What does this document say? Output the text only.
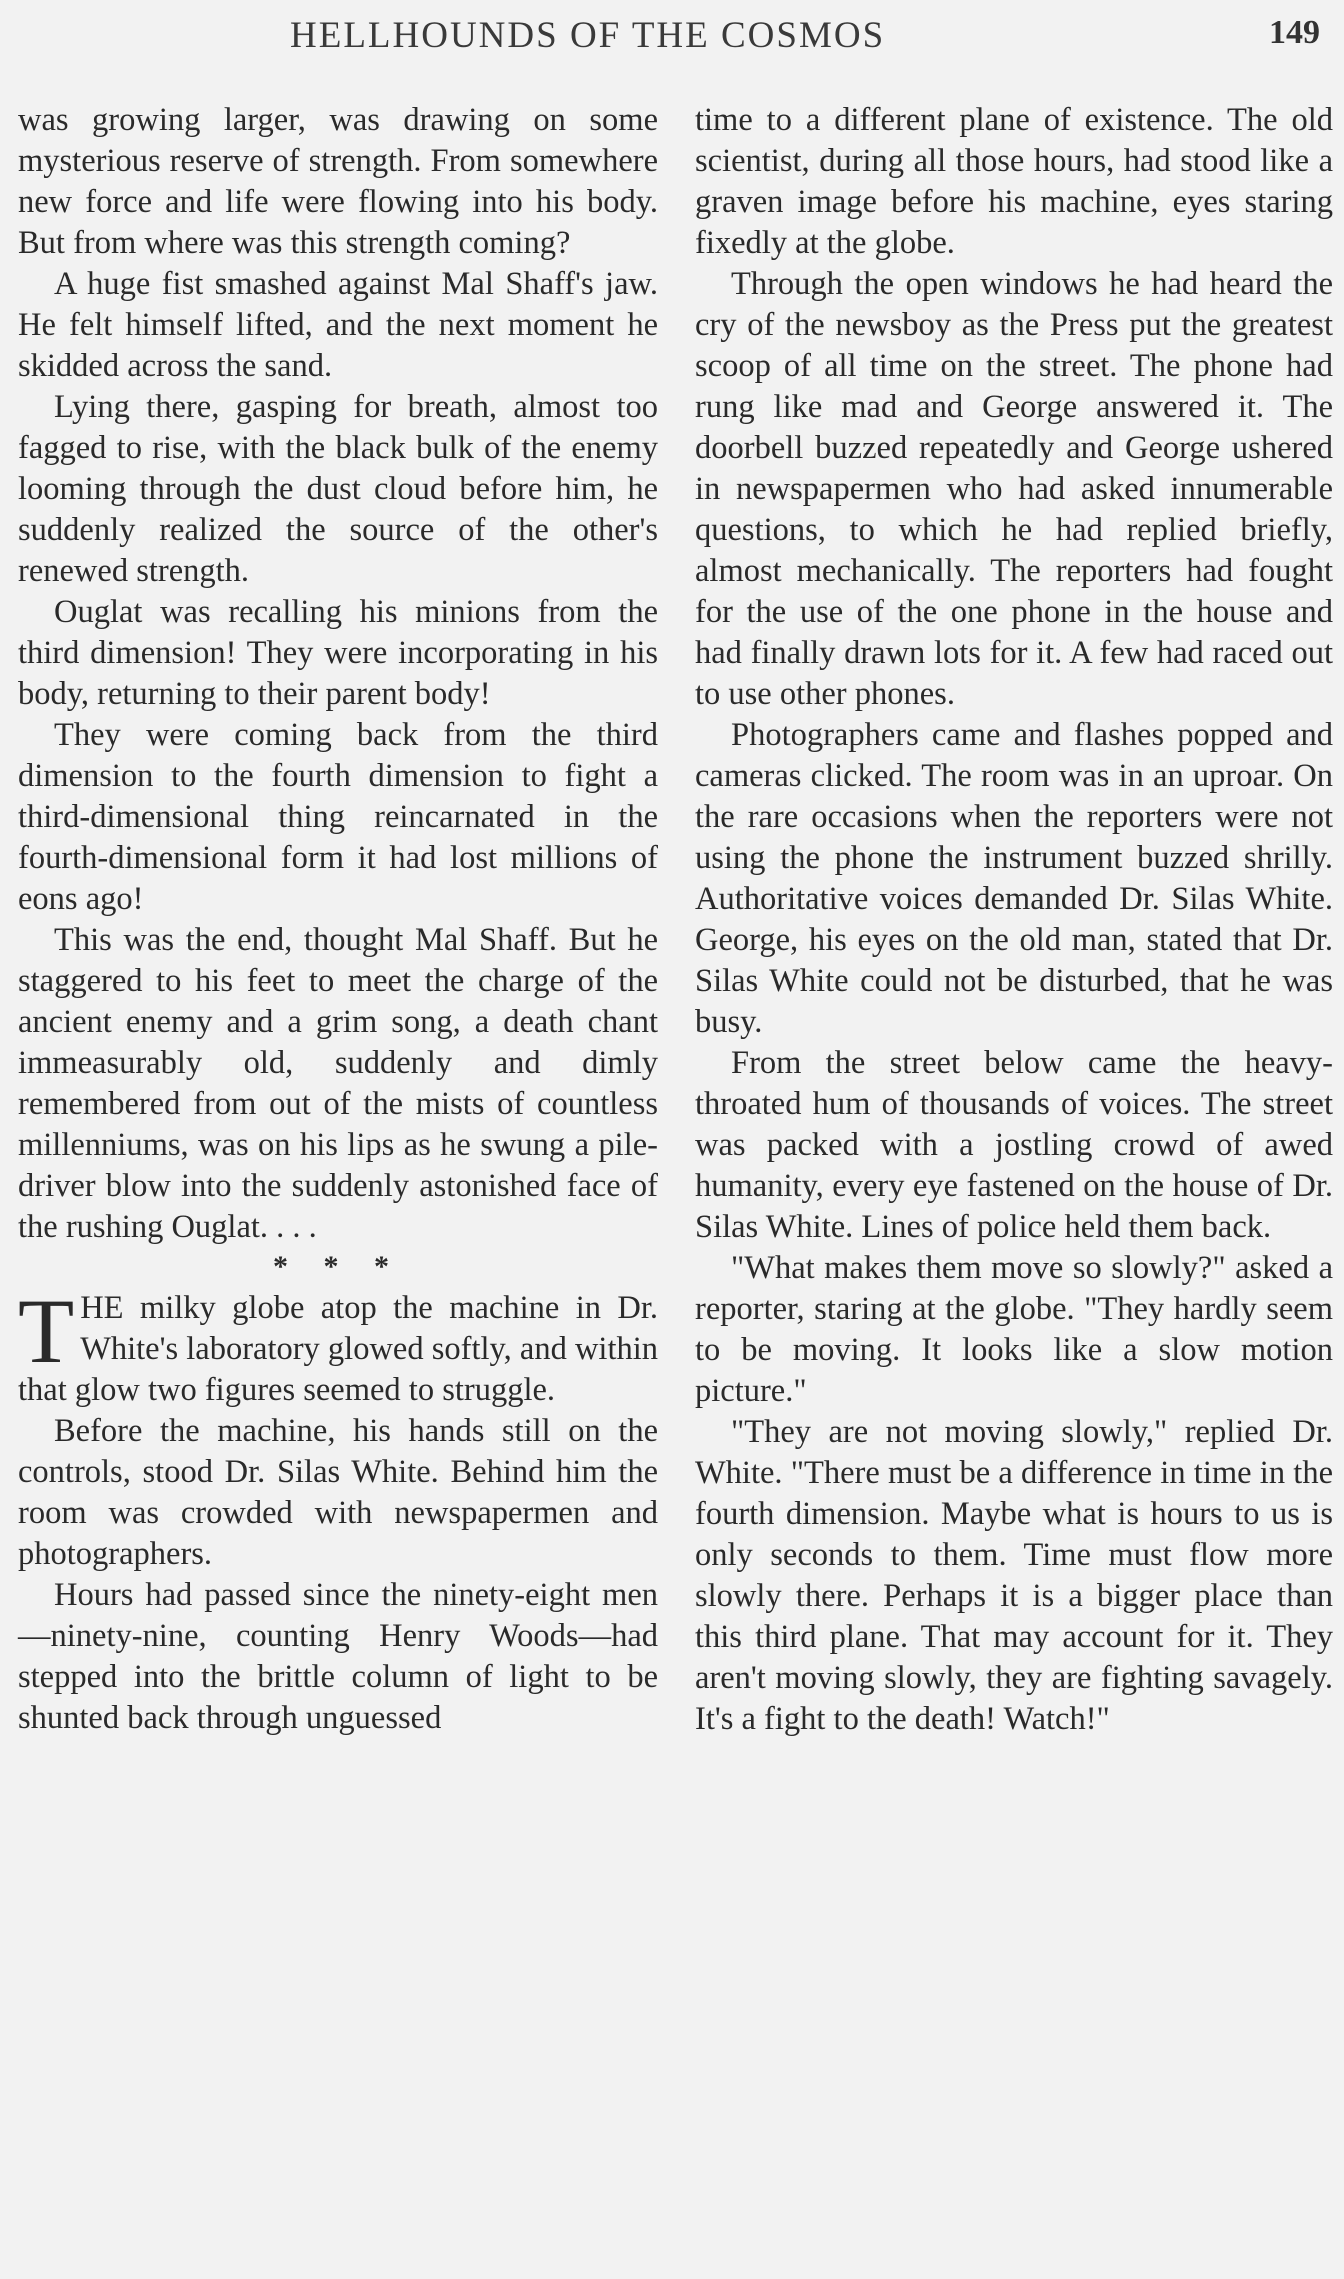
HELLHOUNDS OF THE COSMOS	149

was growing larger, was drawing on some mysterious reserve of strength. From somewhere new force and life were flowing into his body. But from where was this strength coming?

A huge fist smashed against Mal Shaff's jaw. He felt himself lifted, and the next moment he skidded across the sand.

Lying there, gasping for breath, almost too fagged to rise, with the black bulk of the enemy looming through the dust cloud before him, he suddenly realized the source of the other's renewed strength.

Ouglat was recalling his minions from the third dimension! They were incorporating in his body, returning to their parent body!

They were coming back from the third dimension to the fourth dimension to fight a third-dimensional thing reincarnated in the fourth-dimensional form it had lost millions of eons ago!

This was the end, thought Mal Shaff. But he staggered to his feet to meet the charge of the ancient enemy and a grim song, a death chant immeasurably old, suddenly and dimly remembered from out of the mists of countless millenniums, was on his lips as he swung a pile-driver blow into the suddenly astonished face of the rushing Ouglat. . . .

* * *

THE milky globe atop the machine in Dr. White's laboratory glowed softly, and within that glow two figures seemed to struggle.

Before the machine, his hands still on the controls, stood Dr. Silas White. Behind him the room was crowded with newspapermen and photographers.

Hours had passed since the ninety-eight men—ninety-nine, counting Henry Woods—had stepped into the brittle column of light to be shunted back through unguessed

time to a different plane of existence. The old scientist, during all those hours, had stood like a graven image before his machine, eyes staring fixedly at the globe.

Through the open windows he had heard the cry of the newsboy as the Press put the greatest scoop of all time on the street. The phone had rung like mad and George answered it. The doorbell buzzed repeatedly and George ushered in newspapermen who had asked innumerable questions, to which he had replied briefly, almost mechanically. The reporters had fought for the use of the one phone in the house and had finally drawn lots for it. A few had raced out to use other phones.

Photographers came and flashes popped and cameras clicked. The room was in an uproar. On the rare occasions when the reporters were not using the phone the instrument buzzed shrilly. Authoritative voices demanded Dr. Silas White. George, his eyes on the old man, stated that Dr. Silas White could not be disturbed, that he was busy.

From the street below came the heavy-throated hum of thousands of voices. The street was packed with a jostling crowd of awed humanity, every eye fastened on the house of Dr. Silas White. Lines of police held them back.

"What makes them move so slowly?" asked a reporter, staring at the globe. "They hardly seem to be moving. It looks like a slow motion picture."

"They are not moving slowly," replied Dr. White. "There must be a difference in time in the fourth dimension. Maybe what is hours to us is only seconds to them. Time must flow more slowly there. Perhaps it is a bigger place than this third plane. That may account for it. They aren't moving slowly, they are fighting savagely. It's a fight to the death! Watch!"
